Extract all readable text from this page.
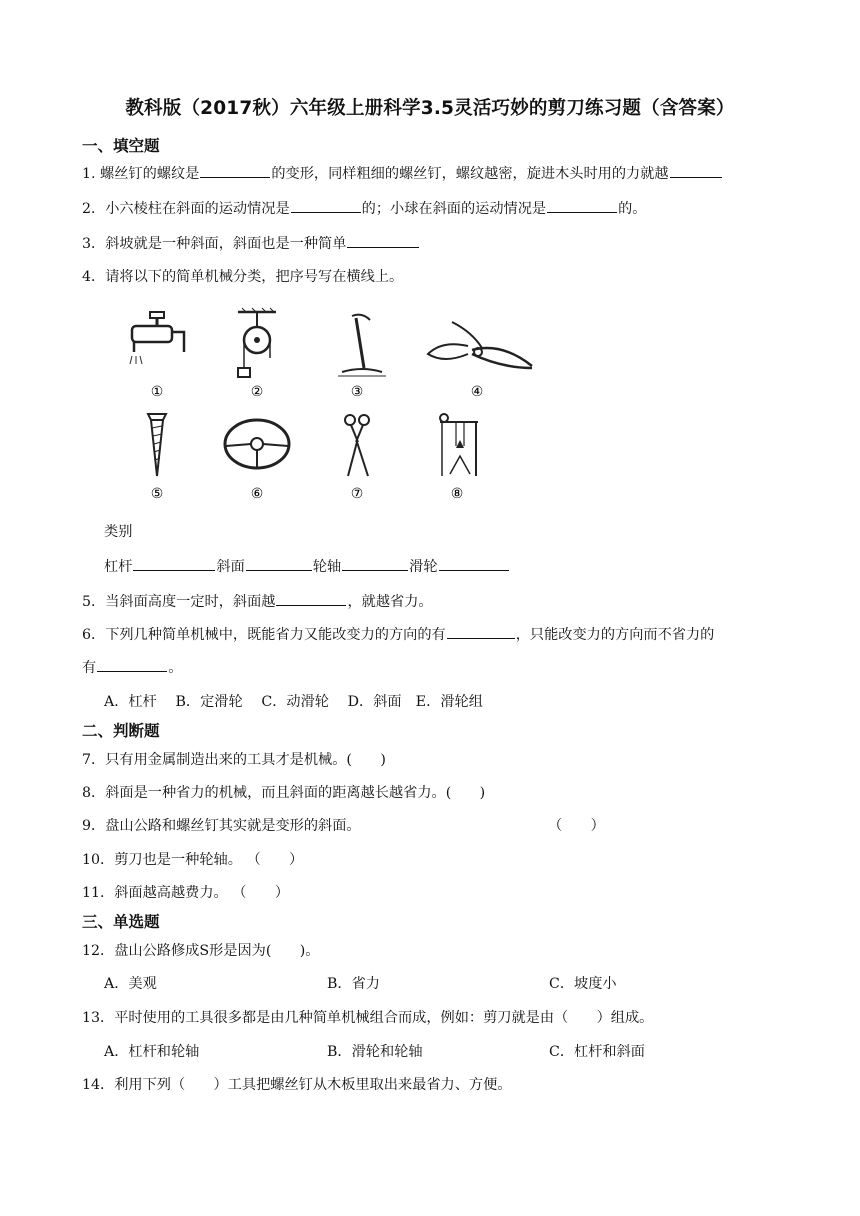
教科版（2017秋）六年级上册科学3.5灵活巧妙的剪刀练习题（含答案）
一、填空题
1. 螺丝钉的螺纹是	的变形，同样粗细的螺丝钉，螺纹越密，旋进木头时用的力就越
2．小六棱柱在斜面的运动情况是	的；小球在斜面的运动情况是	的。
3．斜坡就是一种斜面，斜面也是一种简单
4．请将以下的简单机械分类，把序号写在横线上。
①	②	③	④
⑤	⑥	⑦	⑧
类别
杠杆	斜面	轮轴	滑轮
5．当斜面高度一定时，斜面越	，就越省力。
6．下列几种简单机械中，既能省力又能改变力的方向的有	，只能改变力的方向而不省力的
有	。
A．杠杆　 B．定滑轮　 C．动滑轮　 D．斜面　E．滑轮组
二、判断题
7．只有用金属制造出来的工具才是机械。(　　)
8．斜面是一种省力的机械，而且斜面的距离越长越省力。(　　)
9．盘山公路和螺丝钉其实就是变形的斜面。	（　　）
10．剪刀也是一种轮轴。 （　　）
11．斜面越高越费力。 （　　）
三、单选题
12．盘山公路修成S形是因为(　　)。
A．美观	B．省力	C．坡度小
13．平时使用的工具很多都是由几种简单机械组合而成，例如：剪刀就是由（　　）组成。
A．杠杆和轮轴	B．滑轮和轮轴	C．杠杆和斜面
14．利用下列（　　）工具把螺丝钉从木板里取出来最省力、方便。
